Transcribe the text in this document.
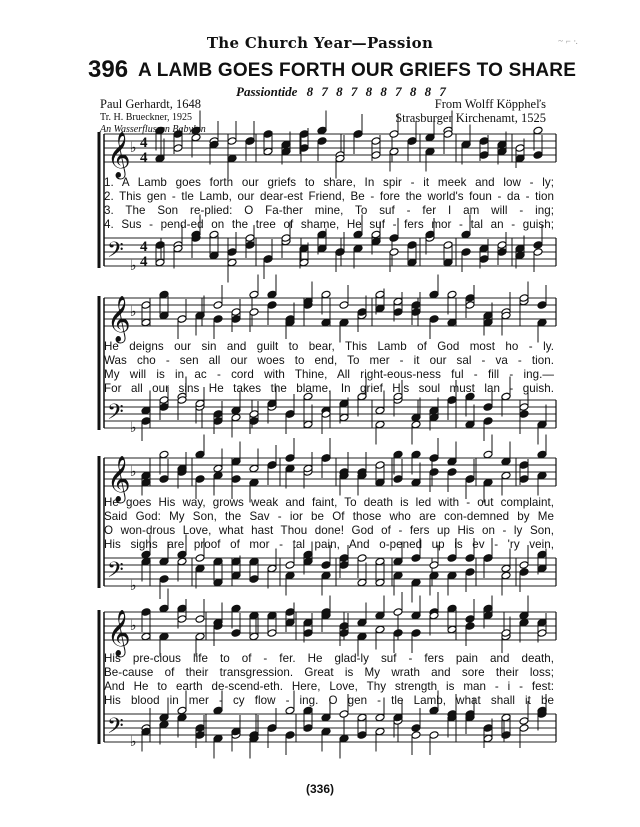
𝄞
𝄢
♭
♭
4
4
4
4
𝄞
𝄢
♭
♭
𝄞
𝄢
♭
♭
𝄞
𝄢
♭
♭
The Church Year—Passion	~ ⌐ ·.
396 A LAMB GOES FORTH OUR GRIEFS TO SHARE
Passiontide 8 7 8 7 8 8 7 8 8 7
Paul Gerhardt, 1648
Tr. H. Brueckner, 1925
An Wasserflussen Babylon
From Wolff Köppheľs
Strasburger Kirchenamt, 1525
1. A Lamb goes forth our griefs to share, In spir - it meek and low - ly;
2. This gen - tle Lamb, our dear-est Friend, Be - fore the world's foun - da - tion
3. The Son re-plied: O Fa-ther mine, To suf - fer I am will - ing;
4. Sus - pend-ed on the tree of shame, He suf - fers mor - tal an - guish;
He deigns our sin and guilt to bear, This Lamb of God most ho - ly.
Was cho - sen all our woes to end, To mer - it our sal - va - tion.
My will is in ac - cord with Thine, All right-eous-ness ful - fill - ing.—
For all our sins He takes the blame, In grief His soul must lan - guish.
He goes His way, grows weak and faint, To death is led with - out complaint,
Said God: My Son, the Sav - ior be Of those who are con-demned by Me
O won-drous Love, what hast Thou done! God of - fers up His on - ly Son,
His sighs are proof of mor - tal pain, And o-pened up is ev - 'ry vein,
His pre-cious life to of - fer. He glad-ly suf - fers pain and death,
Be-cause of their transgression. Great is My wrath and sore their loss;
And He to earth de-scend-eth. Here, Love, Thy strength is man - i - fest:
His blood in mer - cy flow - ing. O gen - tle Lamb, what shall it be
(336)
